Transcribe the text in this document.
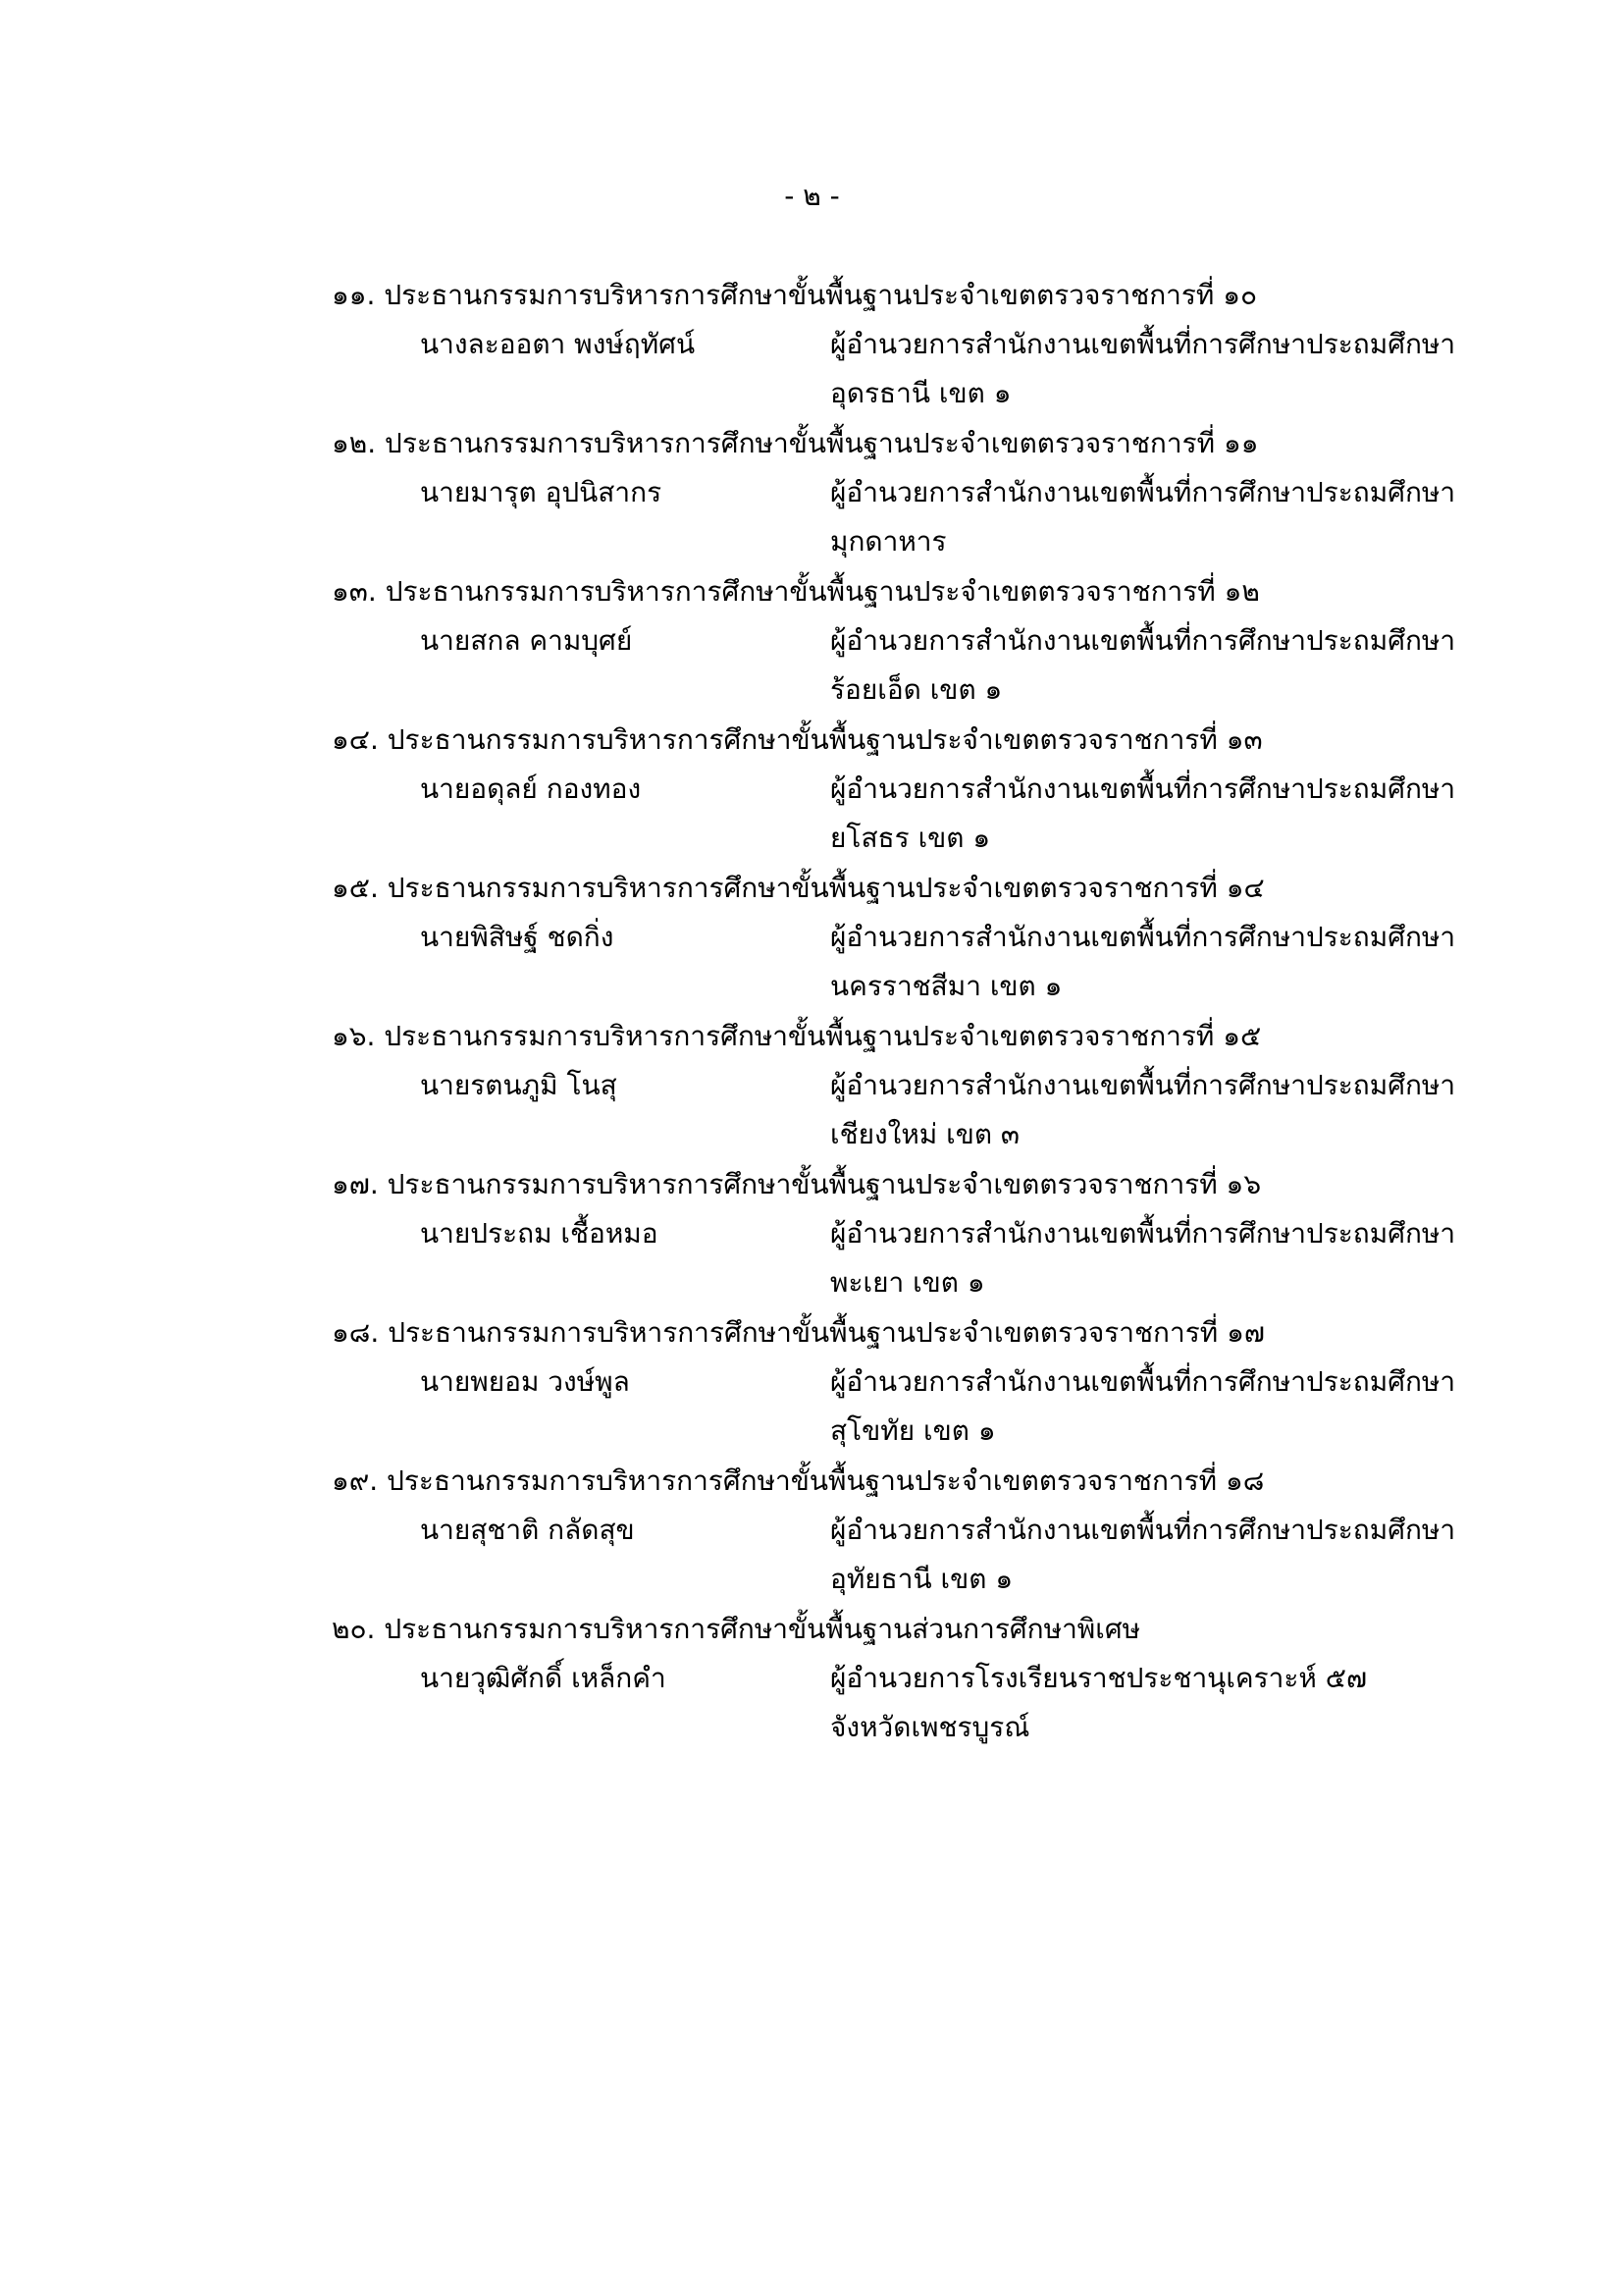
- ๒ -
๑๑. ประธานกรรมการบริหารการศึกษาขั้นพื้นฐานประจำเขตตรวจราชการที่ ๑๐
นางละออตา พงษ์ฤทัศน์	ผู้อำนวยการสำนักงานเขตพื้นที่การศึกษาประถมศึกษา
อุดรธานี เขต ๑
๑๒. ประธานกรรมการบริหารการศึกษาขั้นพื้นฐานประจำเขตตรวจราชการที่ ๑๑
นายมารุต อุปนิสากร	ผู้อำนวยการสำนักงานเขตพื้นที่การศึกษาประถมศึกษา
มุกดาหาร
๑๓. ประธานกรรมการบริหารการศึกษาขั้นพื้นฐานประจำเขตตรวจราชการที่ ๑๒
นายสกล คามบุศย์	ผู้อำนวยการสำนักงานเขตพื้นที่การศึกษาประถมศึกษา
ร้อยเอ็ด เขต ๑
๑๔. ประธานกรรมการบริหารการศึกษาขั้นพื้นฐานประจำเขตตรวจราชการที่ ๑๓
นายอดุลย์ กองทอง	ผู้อำนวยการสำนักงานเขตพื้นที่การศึกษาประถมศึกษา
ยโสธร เขต ๑
๑๕. ประธานกรรมการบริหารการศึกษาขั้นพื้นฐานประจำเขตตรวจราชการที่ ๑๔
นายพิสิษฐ์ ชดกิ่ง	ผู้อำนวยการสำนักงานเขตพื้นที่การศึกษาประถมศึกษา
นครราชสีมา เขต ๑
๑๖. ประธานกรรมการบริหารการศึกษาขั้นพื้นฐานประจำเขตตรวจราชการที่ ๑๕
นายรตนภูมิ โนสุ	ผู้อำนวยการสำนักงานเขตพื้นที่การศึกษาประถมศึกษา
เชียงใหม่ เขต ๓
๑๗. ประธานกรรมการบริหารการศึกษาขั้นพื้นฐานประจำเขตตรวจราชการที่ ๑๖
นายประถม เชื้อหมอ	ผู้อำนวยการสำนักงานเขตพื้นที่การศึกษาประถมศึกษา
พะเยา เขต ๑
๑๘. ประธานกรรมการบริหารการศึกษาขั้นพื้นฐานประจำเขตตรวจราชการที่ ๑๗
นายพยอม วงษ์พูล	ผู้อำนวยการสำนักงานเขตพื้นที่การศึกษาประถมศึกษา
สุโขทัย เขต ๑
๑๙. ประธานกรรมการบริหารการศึกษาขั้นพื้นฐานประจำเขตตรวจราชการที่ ๑๘
นายสุชาติ กลัดสุข	ผู้อำนวยการสำนักงานเขตพื้นที่การศึกษาประถมศึกษา
อุทัยธานี เขต ๑
๒๐. ประธานกรรมการบริหารการศึกษาขั้นพื้นฐานส่วนการศึกษาพิเศษ
นายวุฒิศักดิ์ เหล็กคำ	ผู้อำนวยการโรงเรียนราชประชานุเคราะห์ ๕๗
จังหวัดเพชรบูรณ์
